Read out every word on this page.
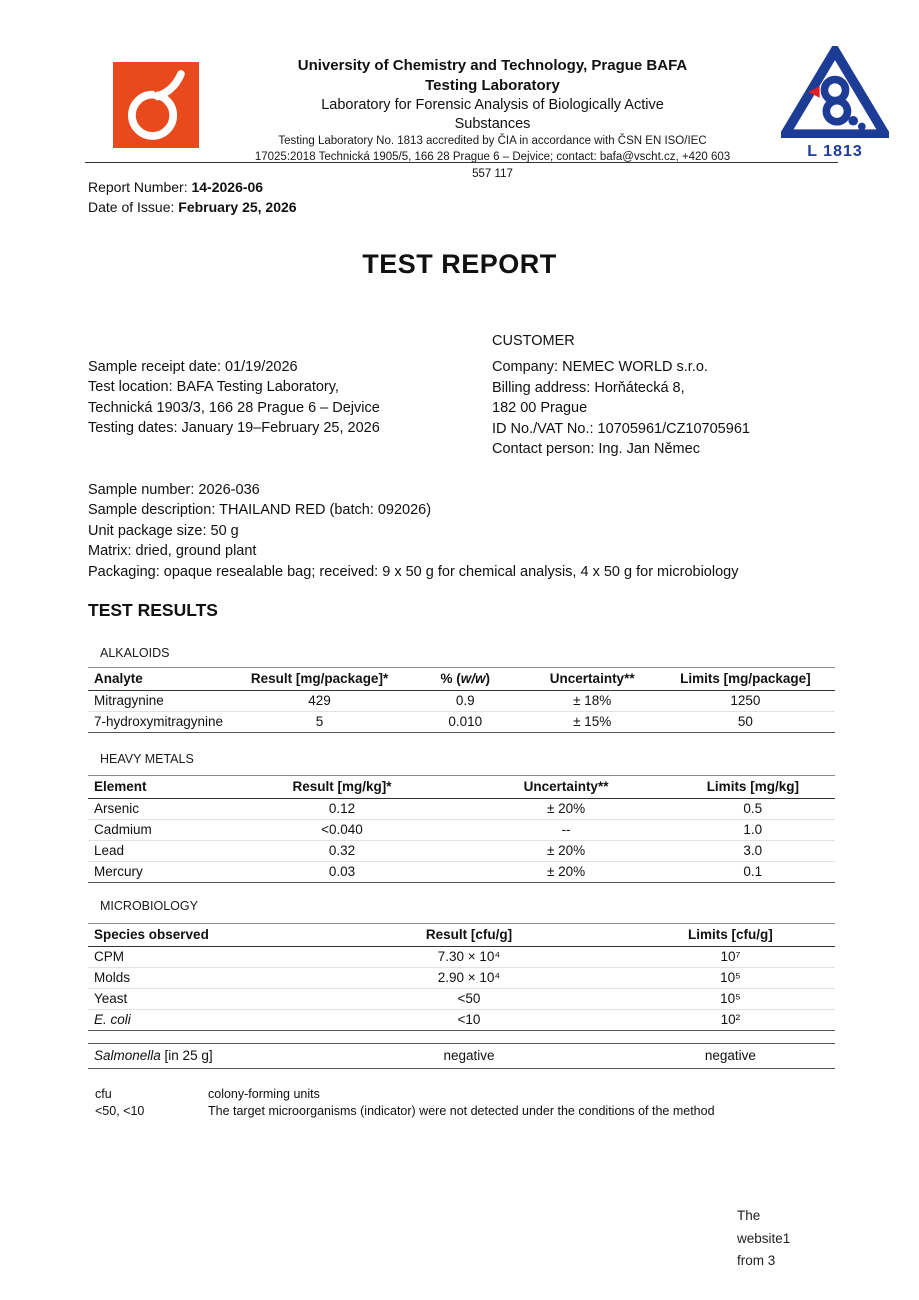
University of Chemistry and Technology, Prague BAFA
Testing Laboratory
Laboratory for Forensic Analysis of Biologically Active
Substances
Testing Laboratory No. 1813 accredited by ČIA in accordance with ČSN EN ISO/IEC
17025:2018 Technická 1905/5, 166 28 Prague 6 – Dejvice; contact: bafa@vscht.cz, +420 603	L 1813
557 117
Report Number: 14-2026-06
Date of Issue: February 25, 2026
TEST REPORT
Sample receipt date: 01/19/2026
Test location: BAFA Testing Laboratory,
Technická 1903/3, 166 28 Prague 6 – Dejvice
Testing dates: January 19–February 25, 2026
CUSTOMER
Company: NEMEC WORLD s.r.o.
Billing address: Horňátecká 8,
182 00 Prague
ID No./VAT No.: 10705961/CZ10705961
Contact person: Ing. Jan Němec
Sample number: 2026-036
Sample description: THAILAND RED (batch: 092026)
Unit package size: 50 g
Matrix: dried, ground plant
Packaging: opaque resealable bag; received: 9 x 50 g for chemical analysis, 4 x 50 g for microbiology
TEST RESULTS
ALKALOIDS
Analyte	Result [mg/package]*	% (w/w)	Uncertainty**	Limits [mg/package]
Mitragynine	429	0.9	± 18%	1250
7-hydroxymitragynine	5	0.010	± 15%	50
HEAVY METALS
Element	Result [mg/kg]*	Uncertainty**	Limits [mg/kg]
Arsenic	0.12	± 20%	0.5
Cadmium	<0.040	--	1.0
Lead	0.32	± 20%	3.0
Mercury	0.03	± 20%	0.1
MICROBIOLOGY
Species observed	Result [cfu/g]	Limits [cfu/g]
CPM	7.30 × 10⁴	10⁷
Molds	2.90 × 10⁴	10⁵
Yeast	<50	10⁵
E. coli	<10	10²
Salmonella [in 25 g]	negative	negative
cfu	colony-forming units
<50, <10	The target microorganisms (indicator) were not detected under the conditions of the method
The
website1
from 3
